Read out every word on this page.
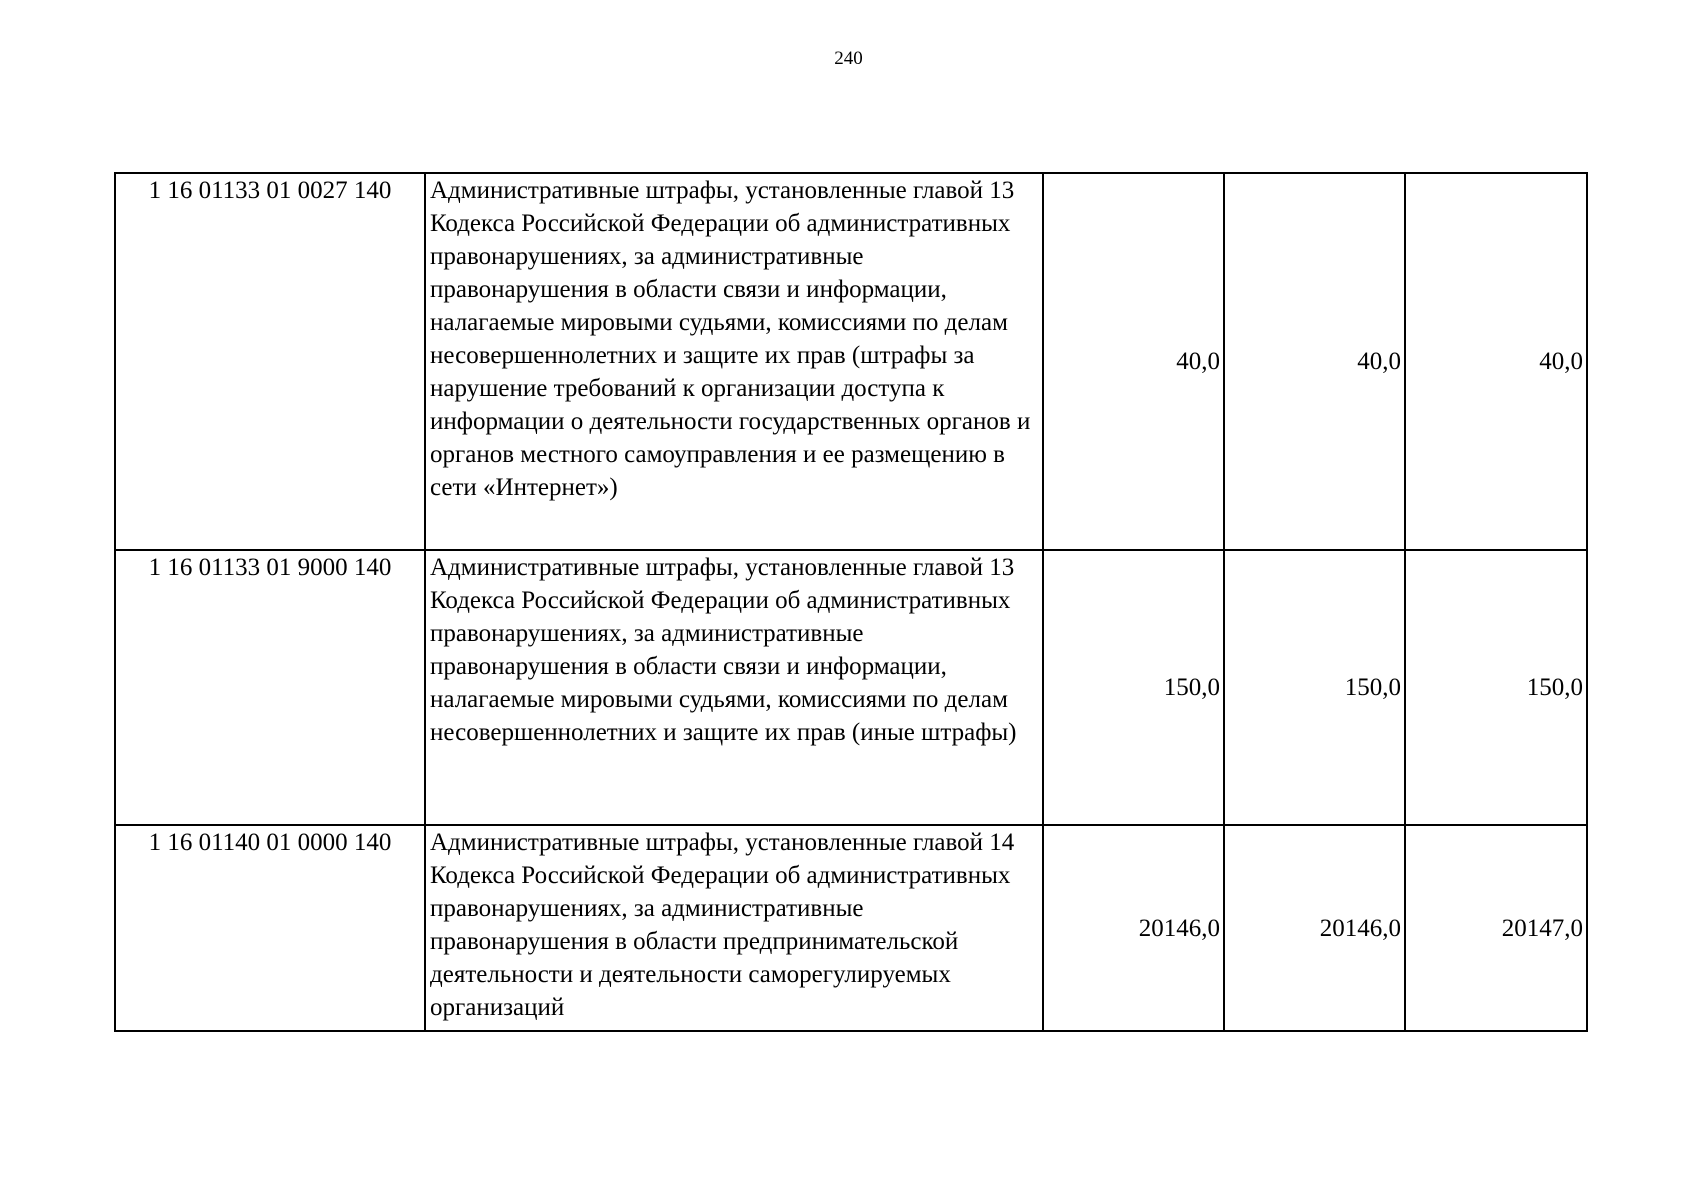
240
1 16 01133 01 0027 140	Административные штрафы, установленные главой 13 Кодекса Российской Федерации об административных правонарушениях, за административные правонарушения в области связи и информации, налагаемые мировыми судьями, комиссиями по делам несовершеннолетних и защите их прав (штрафы за нарушение требований к организации доступа к информации о деятельности государственных органов и органов местного самоуправления и ее размещению в сети «Интернет»)	40,0	40,0	40,0
1 16 01133 01 9000 140	Административные штрафы, установленные главой 13 Кодекса Российской Федерации об административных правонарушениях, за административные правонарушения в области связи и информации, налагаемые мировыми судьями, комиссиями по делам несовершеннолетних и защите их прав (иные штрафы)	150,0	150,0	150,0
1 16 01140 01 0000 140	Административные штрафы, установленные главой 14 Кодекса Российской Федерации об административных правонарушениях, за административные правонарушения в области предпринимательской деятельности и деятельности саморегулируемых организаций	20146,0	20146,0	20147,0
